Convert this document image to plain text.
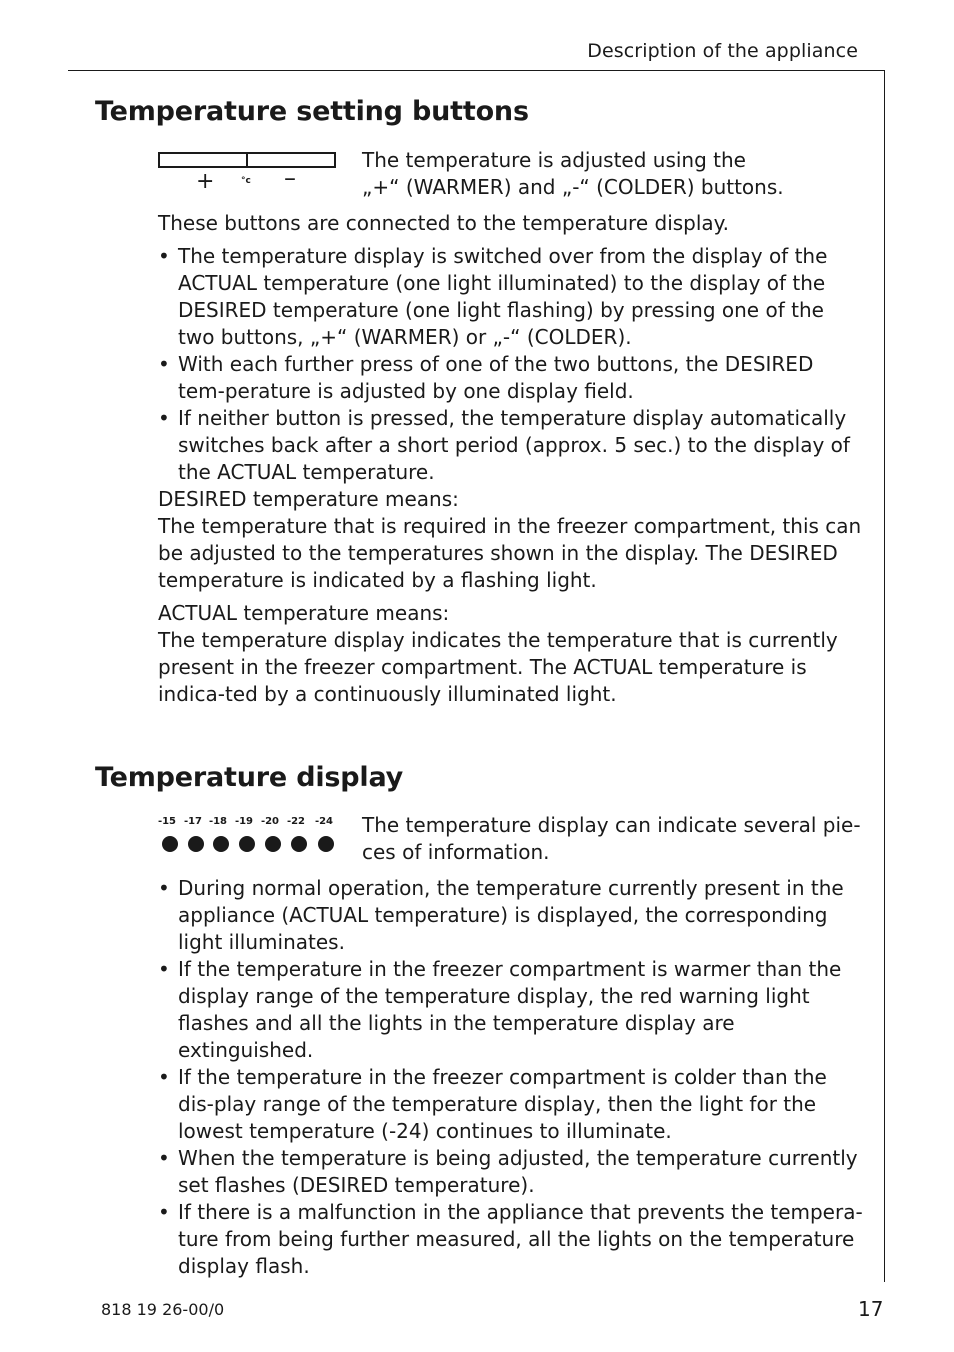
Description of the appliance
Temperature setting buttons
+	°c –

The temperature is adjusted using the

„+“ (WARMER) and „-“ (COLDER) buttons.

These buttons are connected to the temperature display.

• The temperature display is switched over from the display of the ACTUAL temperature (one light illuminated) to the display of the DESIRED temperature (one light flashing) by pressing one of the two buttons, „+“ (WARMER) or „-“ (COLDER).

• With each further press of one of the two buttons, the DESIRED tem-perature is adjusted by one display field.

• If neither button is pressed, the temperature display automatically switches back after a short period (approx. 5 sec.) to the display of the ACTUAL temperature.

DESIRED temperature means:

The temperature that is required in the freezer compartment, this can be adjusted to the temperatures shown in the display. The DESIRED temperature is indicated by a flashing light.

ACTUAL temperature means:

The temperature display indicates the temperature that is currently present in the freezer compartment. The ACTUAL temperature is indica-ted by a continuously illuminated light.

Temperature display
-15 -17 -18 -19 -20 -22 -24 The temperature display can indicate several pie-

ces of information.

• During normal operation, the temperature currently present in the appliance (ACTUAL temperature) is displayed, the corresponding light illuminates.

• If the temperature in the freezer compartment is warmer than the display range of the temperature display, the red warning light flashes and all the lights in the temperature display are extinguished.

• If the temperature in the freezer compartment is colder than the dis-play range of the temperature display, then the light for the lowest temperature (-24) continues to illuminate.

• When the temperature is being adjusted, the temperature currently set flashes (DESIRED temperature).

• If there is a malfunction in the appliance that prevents the tempera-ture from being further measured, all the lights on the temperature display flash.

818 19 26-00/0	17
